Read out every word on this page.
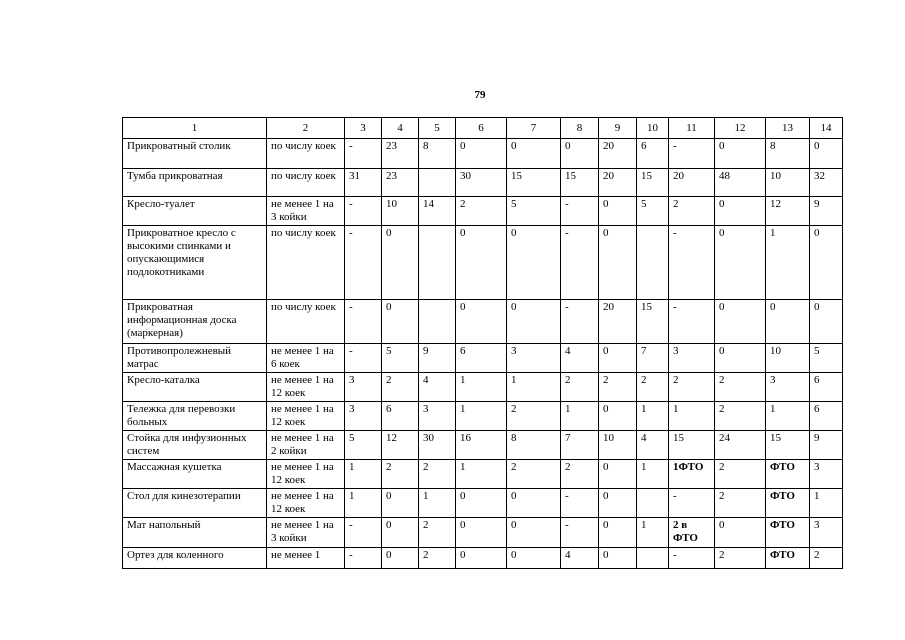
79
1	2	3	4	5	6	7	8	9	10	11	12	13	14
Прикроватный столик	по числу коек	-	23	8	0	0	0	20	6	-	0	8	0
Тумба прикроватная	по числу коек	31	23		30	15	15	20	15	20	48	10	32
Кресло-туалет	не менее 1 на 3 койки	-	10	14	2	5	-	0	5	2	0	12	9
Прикроватное кресло с высокими спинками и опускающимися подлокотниками	по числу коек	-	0		0	0	-	0		-	0	1	0
Прикроватная информационная доска (маркерная)	по числу коек	-	0		0	0	-	20	15	-	0	0	0
Противопролежневый матрас	не менее 1 на 6 коек	-	5	9	6	3	4	0	7	3	0	10	5
Кресло-каталка	не менее 1 на 12 коек	3	2	4	1	1	2	2	2	2	2	3	6
Тележка для перевозки больных	не менее 1 на 12 коек	3	6	3	1	2	1	0	1	1	2	1	6
Стойка для инфузионных систем	не менее 1 на 2 койки	5	12	30	16	8	7	10	4	15	24	15	9
Массажная кушетка	не менее 1 на 12 коек	1	2	2	1	2	2	0	1	1ФТО	2	ФТО	3
Стол для кинезотерапии	не менее 1 на 12 коек	1	0	1	0	0	-	0		-	2	ФТО	1
Мат напольный	не менее 1 на 3 койки	-	0	2	0	0	-	0	1	2 в ФТО	0	ФТО	3
Ортез для коленного	не менее 1	-	0	2	0	0	4	0		-	2	ФТО	2
